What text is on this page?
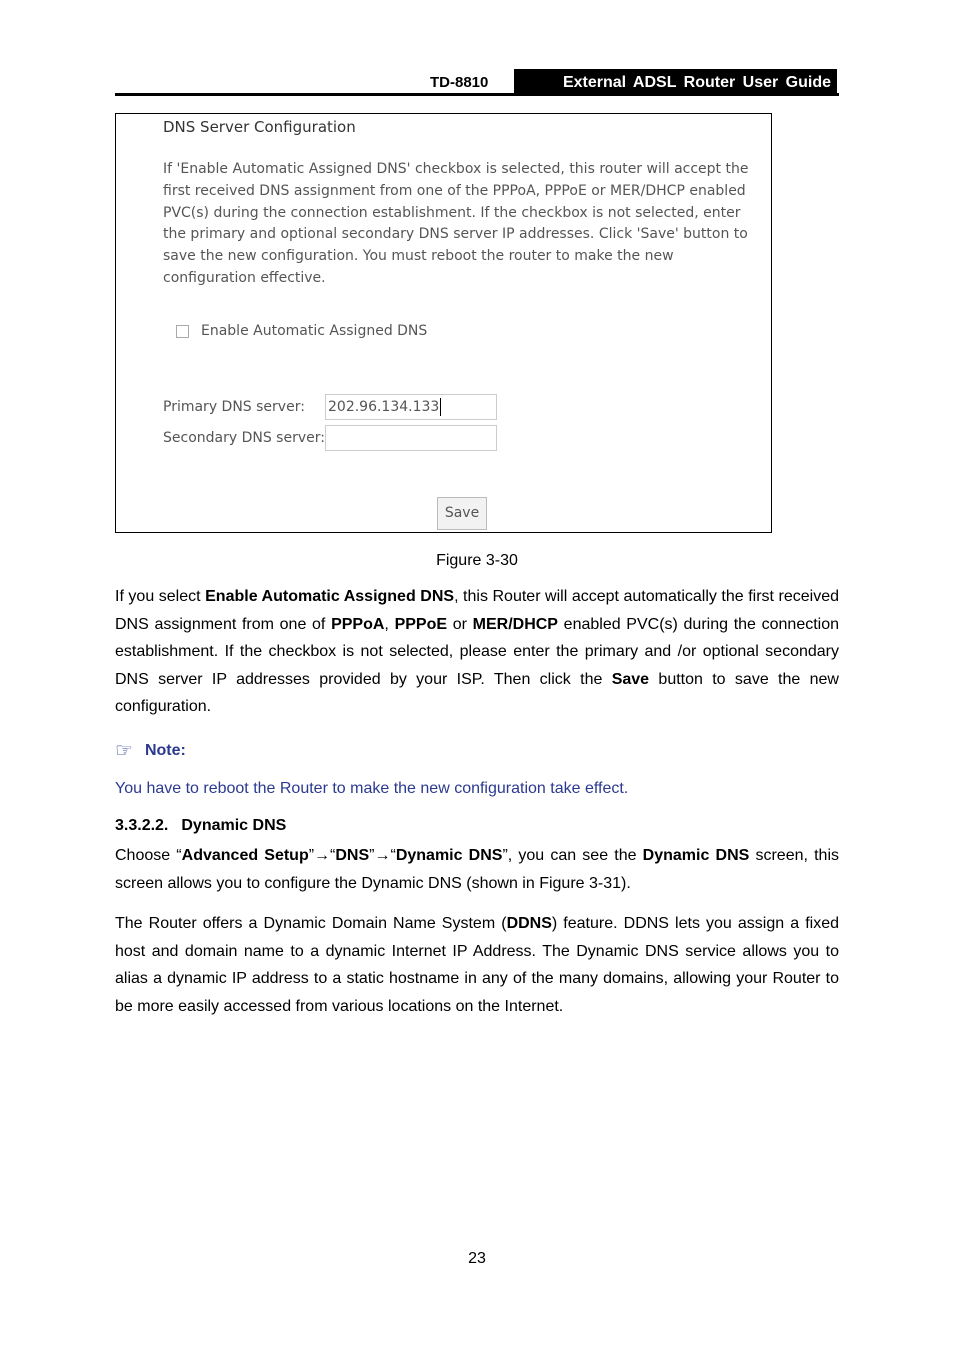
TD-8810	External ADSL Router User Guide
DNS Server Configuration
If 'Enable Automatic Assigned DNS' checkbox is selected, this router will accept the first received DNS assignment from one of the PPPoA, PPPoE or MER/DHCP enabled PVC(s) during the connection establishment. If the checkbox is not selected, enter the primary and optional secondary DNS server IP addresses. Click 'Save' button to save the new configuration. You must reboot the router to make the new configuration effective.
Enable Automatic Assigned DNS
Primary DNS server: 202.96.134.133
Secondary DNS server:
Save
Figure 3-30
If you select Enable Automatic Assigned DNS, this Router will accept automatically the first received DNS assignment from one of PPPoA, PPPoE or MER/DHCP enabled PVC(s) during the connection establishment. If the checkbox is not selected, please enter the primary and /or optional secondary DNS server IP addresses provided by your ISP. Then click the Save button to save the new configuration.
☞ Note:
You have to reboot the Router to make the new configuration take effect.
3.3.2.2. Dynamic DNS
Choose “Advanced Setup”→“DNS”→“Dynamic DNS”, you can see the Dynamic DNS screen, this screen allows you to configure the Dynamic DNS (shown in Figure 3-31).
The Router offers a Dynamic Domain Name System (DDNS) feature. DDNS lets you assign a fixed host and domain name to a dynamic Internet IP Address. The Dynamic DNS service allows you to alias a dynamic IP address to a static hostname in any of the many domains, allowing your Router to be more easily accessed from various locations on the Internet.
23
